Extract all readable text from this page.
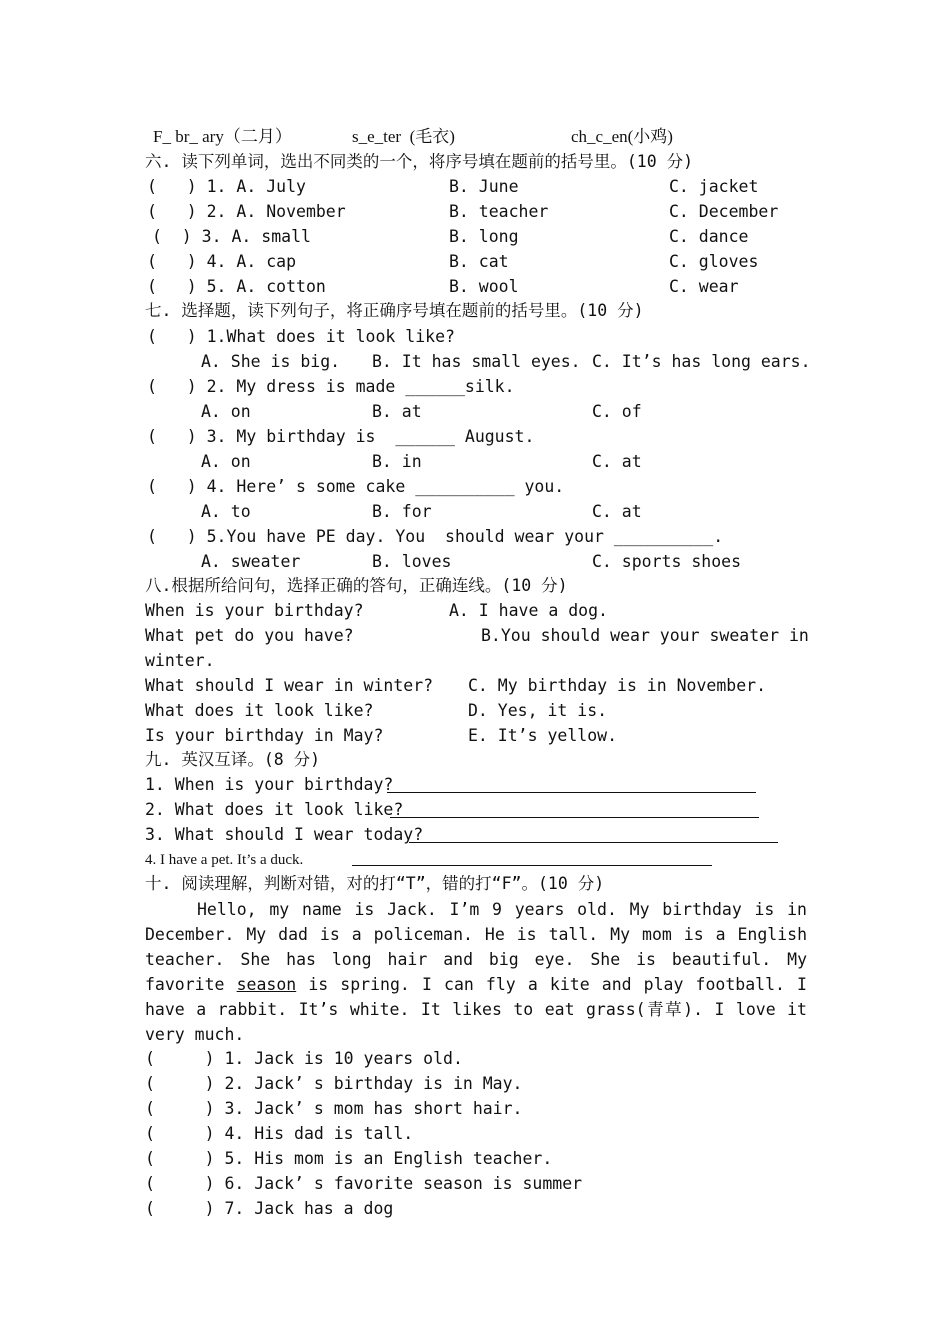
F_ br_ ary（二月）	s_e_ter  (毛衣)	ch_c_en(小鸡)
六. 读下列单词，选出不同类的一个，将序号填在题前的括号里。(10 分)
(   ) 1. A. July	B. June	C. jacket
(   ) 2. A. November	B. teacher	C. December
(  ) 3. A. small	B. long	C. dance
(   ) 4. A. cap	B. cat	C. gloves
(   ) 5. A. cotton	B. wool	C. wear
七. 选择题，读下列句子，将正确序号填在题前的括号里。(10 分)
(   ) 1.What does it look like?
A. She is big. B. It has small eyes. C. It’s has long ears.
(   ) 2. My dress is made ______silk.
A. on	B. at	C. of
(   ) 3. My birthday is  ______ August.
A. on	B. in	C. at
(   ) 4. Here’ s some cake __________ you.
A. to	B. for	C. at
(   ) 5.You have PE day. You  should wear your __________.
A. sweater	B. loves	C. sports shoes
八.根据所给问句，选择正确的答句，正确连线。(10 分)
When is your birthday?	A. I have a dog.
What pet do you have?	B.You should wear your sweater in
winter.
What should I wear in winter? C. My birthday is in November.
What does it look like?	D. Yes, it is.
Is your birthday in May?	E. It’s yellow.
九. 英汉互译。(8 分)
1. When is your birthday?
2. What does it look like?
3. What should I wear today?
4. I have a pet. It’s a duck.
十. 阅读理解，判断对错，对的打“T”，错的打“F”。(10 分)
Hello, my name is Jack. I’m 9 years old. My birthday is in December. My dad is a policeman. He is tall. My mom is a English teacher. She has long hair and big eye. She is beautiful. My favorite season is spring. I can fly a kite and play football. I have a rabbit. It’s white. It likes to eat grass(青草). I love it very much.
(     ) 1. Jack is 10 years old.
(     ) 2. Jack’ s birthday is in May.
(     ) 3. Jack’ s mom has short hair.
(     ) 4. His dad is tall.
(     ) 5. His mom is an English teacher.
(     ) 6. Jack’ s favorite season is summer
(     ) 7. Jack has a dog
